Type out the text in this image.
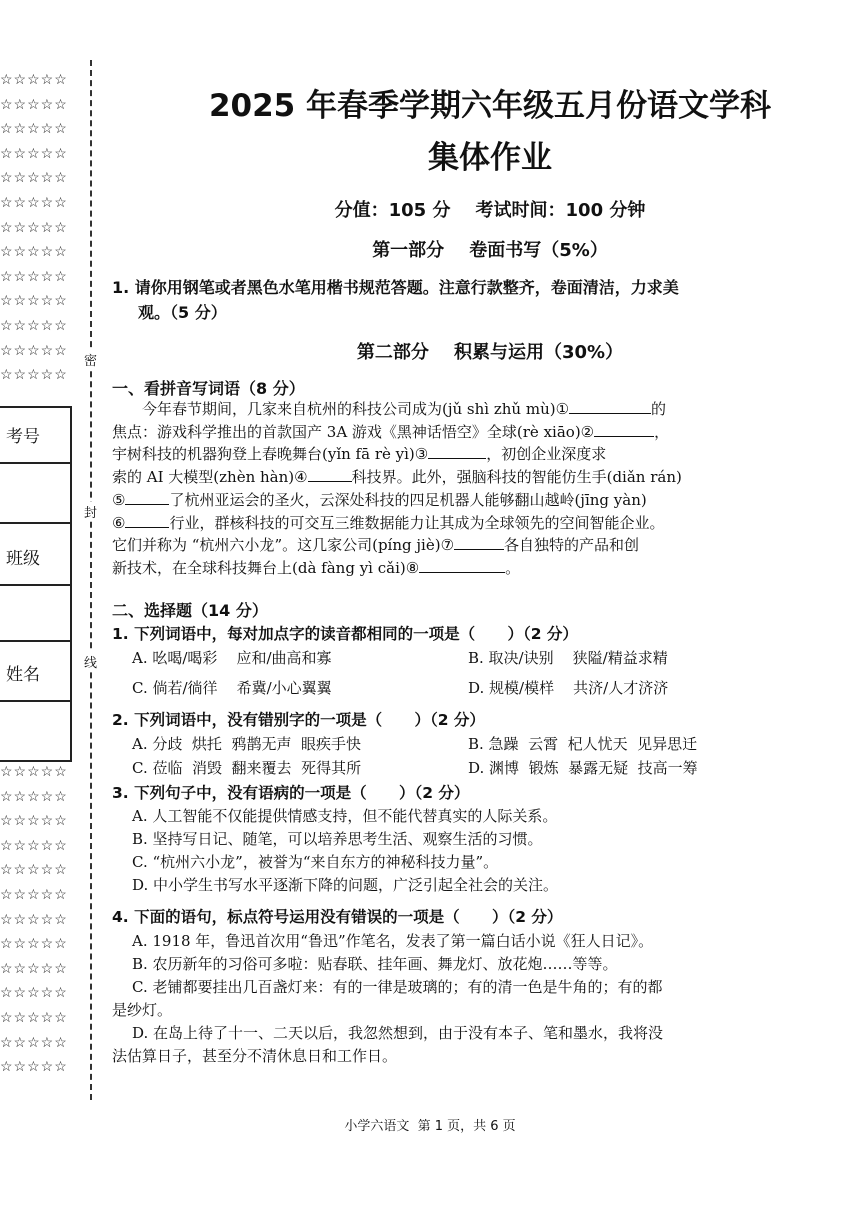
☆☆☆☆☆
☆☆☆☆☆
☆☆☆☆☆
☆☆☆☆☆
☆☆☆☆☆
☆☆☆☆☆
☆☆☆☆☆
☆☆☆☆☆
☆☆☆☆☆
☆☆☆☆☆
☆☆☆☆☆
☆☆☆☆☆
☆☆☆☆☆
考号
班级
姓名
☆☆☆☆☆
☆☆☆☆☆
☆☆☆☆☆
☆☆☆☆☆
☆☆☆☆☆
☆☆☆☆☆
☆☆☆☆☆
☆☆☆☆☆
☆☆☆☆☆
☆☆☆☆☆
☆☆☆☆☆
☆☆☆☆☆
☆☆☆☆☆
密
封
线
2025 年春季学期六年级五月份语文学科
集体作业
分值：105 分    考试时间：100 分钟
第一部分    卷面书写（5%）
1. 请你用钢笔或者黑色水笔用楷书规范答题。注意行款整齐，卷面清洁，力求美
观。（5 分）
第二部分    积累与运用（30%）
一、看拼音写词语（8 分）
今年春节期间，几家来自杭州的科技公司成为(jǔ shì zhǔ mù)①	的
焦点：游戏科学推出的首款国产 3A 游戏《黑神话悟空》全球(rè xiāo)②	，
宇树科技的机器狗登上春晚舞台(yǐn fā rè yì)③	，初创企业深度求
索的 AI 大模型(zhèn hàn)④	科技界。此外，强脑科技的智能仿生手(diǎn rán)
⑤	了杭州亚运会的圣火，云深处科技的四足机器人能够翻山越岭(jīng yàn)
⑥	行业，群核科技的可交互三维数据能力让其成为全球领先的空间智能企业。
它们并称为 “杭州六小龙”。这几家公司(píng jiè)⑦	各自独特的产品和创
新技术，在全球科技舞台上(dà fàng yì cǎi)⑧	。
二、选择题（14 分）
1. 下列词语中，每对加点字的读音都相同的一项是（      ）（2 分）
A. 吆喝/喝彩    应和/曲高和寡	B. 取决/诀别    狭隘/精益求精
C. 倘若/徜徉    希冀/小心翼翼	D. 规模/模样    共济/人才济济
2. 下列词语中，没有错别字的一项是（      ）（2 分）
A. 分歧  烘托  鸦鹊无声  眼疾手快	B. 急躁  云霄  杞人忧天  见异思迁
C. 莅临  消毁  翻来覆去  死得其所	D. 渊博  锻炼  暴露无疑  技高一筹
3. 下列句子中，没有语病的一项是（      ）（2 分）
A. 人工智能不仅能提供情感支持，但不能代替真实的人际关系。
B. 坚持写日记、随笔，可以培养思考生活、观察生活的习惯。
C. “杭州六小龙”，被誉为“来自东方的神秘科技力量”。
D. 中小学生书写水平逐渐下降的问题，广泛引起全社会的关注。
4. 下面的语句，标点符号运用没有错误的一项是（      ）（2 分）
A. 1918 年，鲁迅首次用“鲁迅”作笔名，发表了第一篇白话小说《狂人日记》。
B. 农历新年的习俗可多啦：贴春联、挂年画、舞龙灯、放花炮……等等。
C. 老铺都要挂出几百盏灯来：有的一律是玻璃的；有的清一色是牛角的；有的都
是纱灯。
D. 在岛上待了十一、二天以后，我忽然想到，由于没有本子、笔和墨水，我将没
法估算日子，甚至分不清休息日和工作日。
小学六语文  第 1 页，共 6 页
